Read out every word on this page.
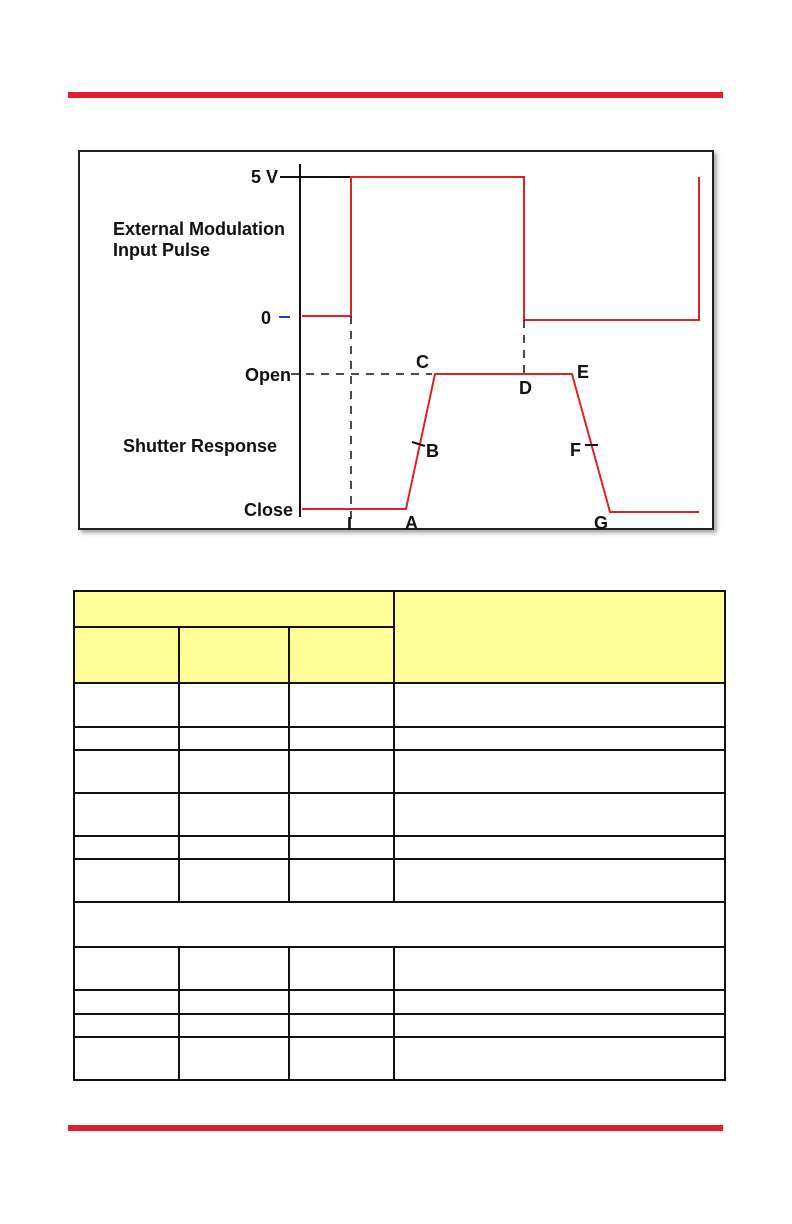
5 V
External Modulation
Input Pulse
0
Open
Shutter Response
Close
C
B
A
I
D
E
F
G
